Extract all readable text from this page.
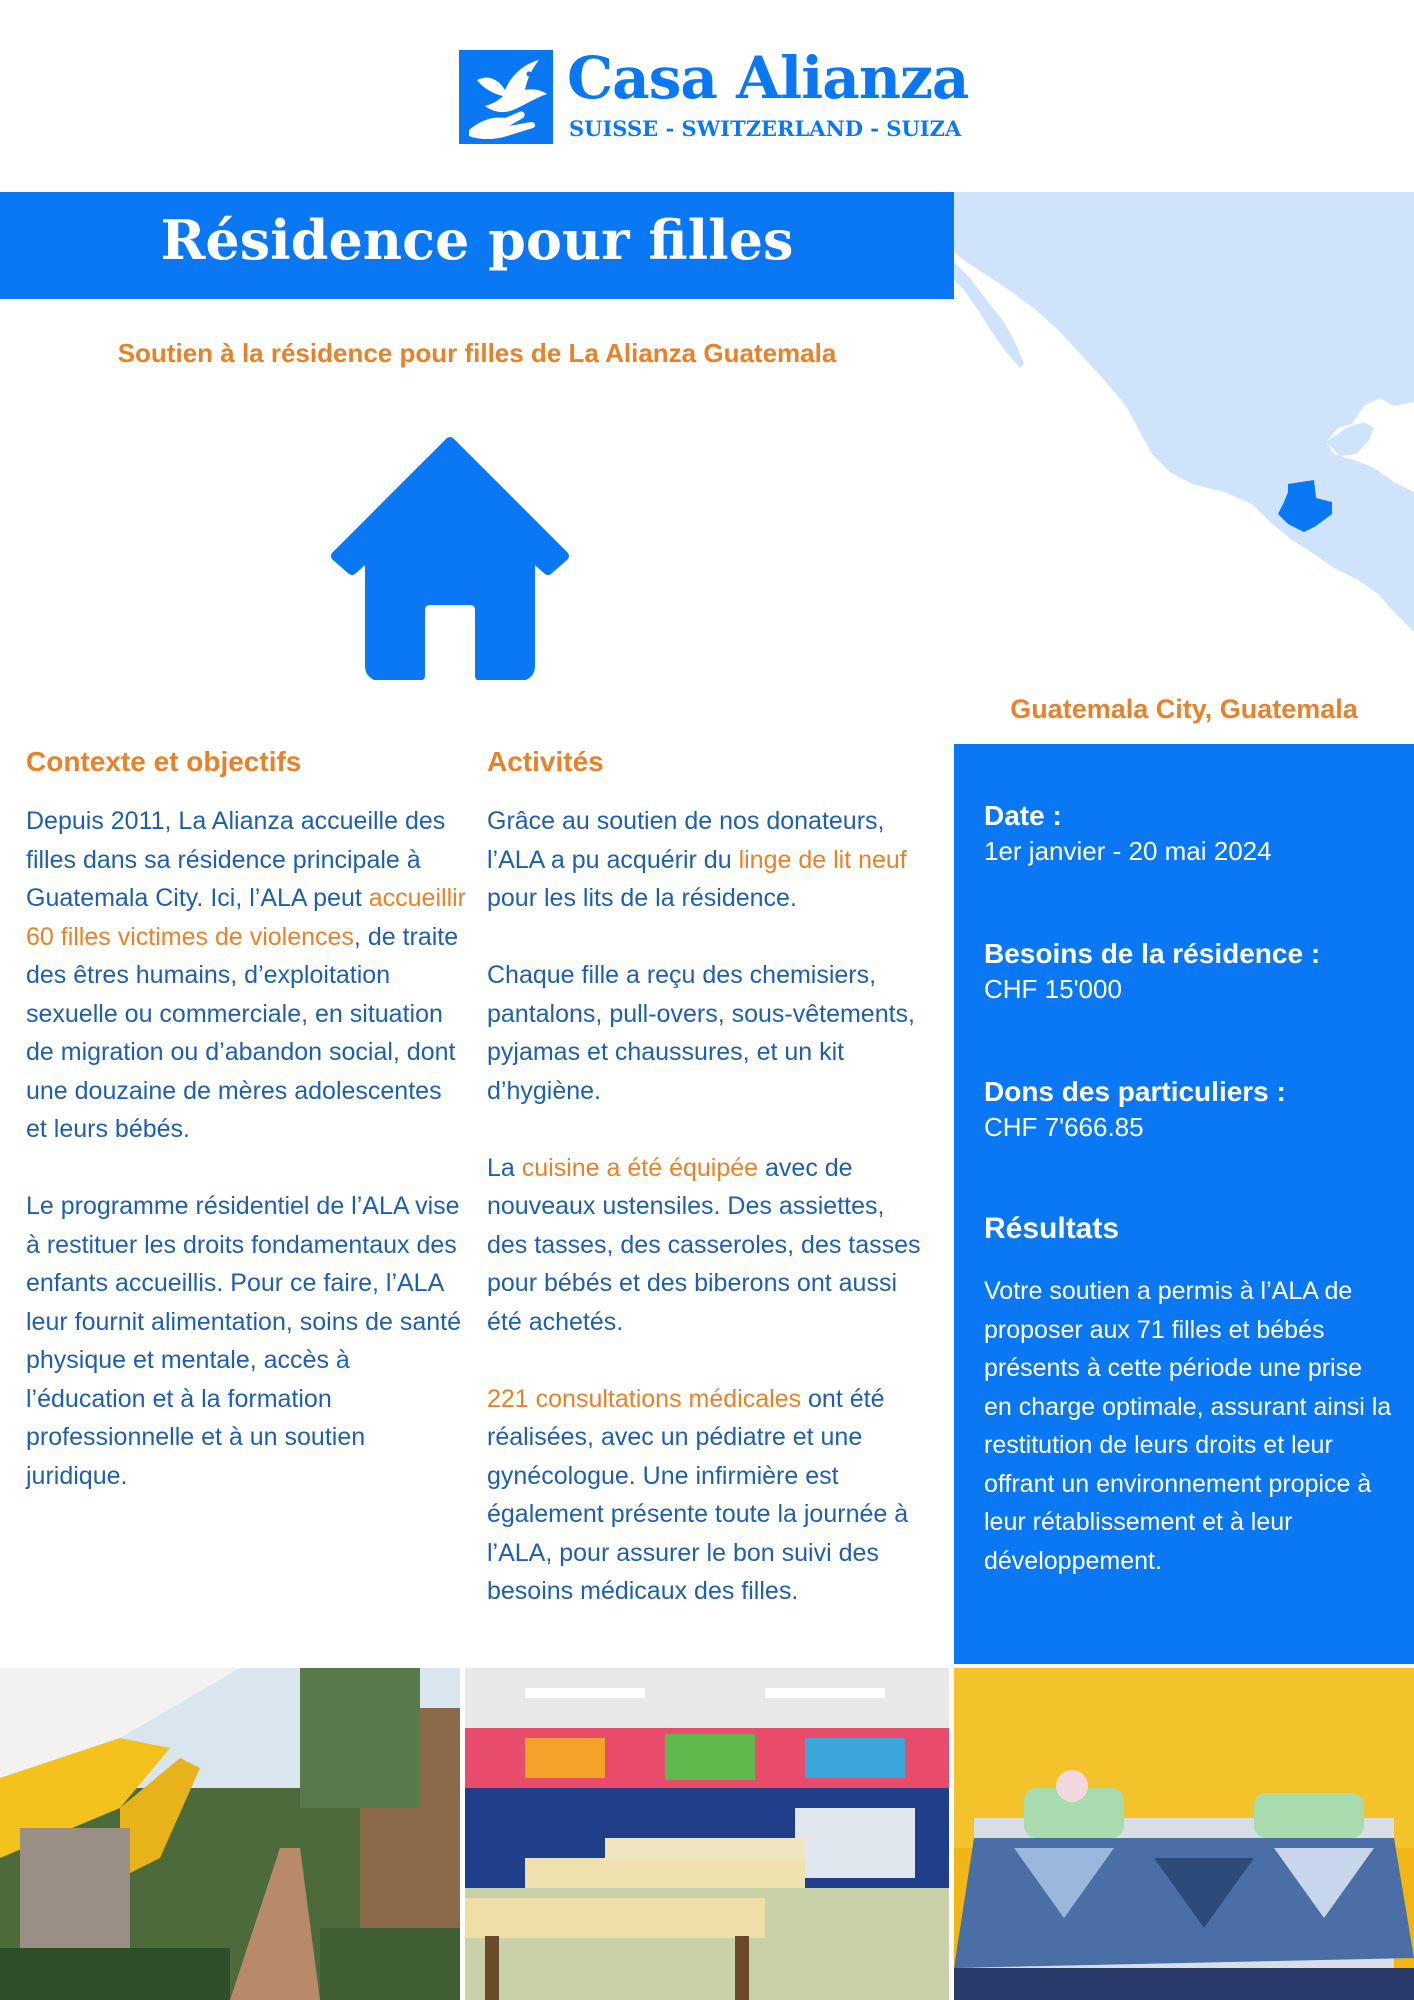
Casa Alianza
SUISSE - SWITZERLAND - SUIZA
Résidence pour filles
Soutien à la résidence pour filles de La Alianza Guatemala
Guatemala City, Guatemala
Contexte et objectifs

Depuis 2011, La Alianza accueille des filles dans sa résidence principale à Guatemala City. Ici, l’ALA peut accueillir 60 filles victimes de violences, de traite des êtres humains, d’exploitation sexuelle ou commerciale, en situation de migration ou d’abandon social, dont une douzaine de mères adolescentes et leurs bébés.

Le programme résidentiel de l’ALA vise à restituer les droits fondamentaux des enfants accueillis. Pour ce faire, l’ALA leur fournit alimentation, soins de santé physique et mentale, accès à l’éducation et à la formation professionnelle et à un soutien juridique.

Activités

Grâce au soutien de nos donateurs, l’ALA a pu acquérir du linge de lit neuf pour les lits de la résidence.

Chaque fille a reçu des chemisiers, pantalons, pull-overs, sous-vêtements, pyjamas et chaussures, et un kit d’hygiène.

La cuisine a été équipée avec de nouveaux ustensiles. Des assiettes, des tasses, des casseroles, des tasses pour bébés et des biberons ont aussi été achetés.

221 consultations médicales ont été réalisées, avec un pédiatre et une gynécologue. Une infirmière est également présente toute la journée à l’ALA, pour assurer le bon suivi des besoins médicaux des filles.

Date :
1er janvier - 20 mai 2024
Besoins de la résidence :
CHF 15'000
Dons des particuliers :
CHF 7'666.85
Résultats
Votre soutien a permis à l’ALA de proposer aux 71 filles et bébés présents à cette période une prise en charge optimale, assurant ainsi la restitution de leurs droits et leur offrant un environnement propice à leur rétablissement et à leur développement.
